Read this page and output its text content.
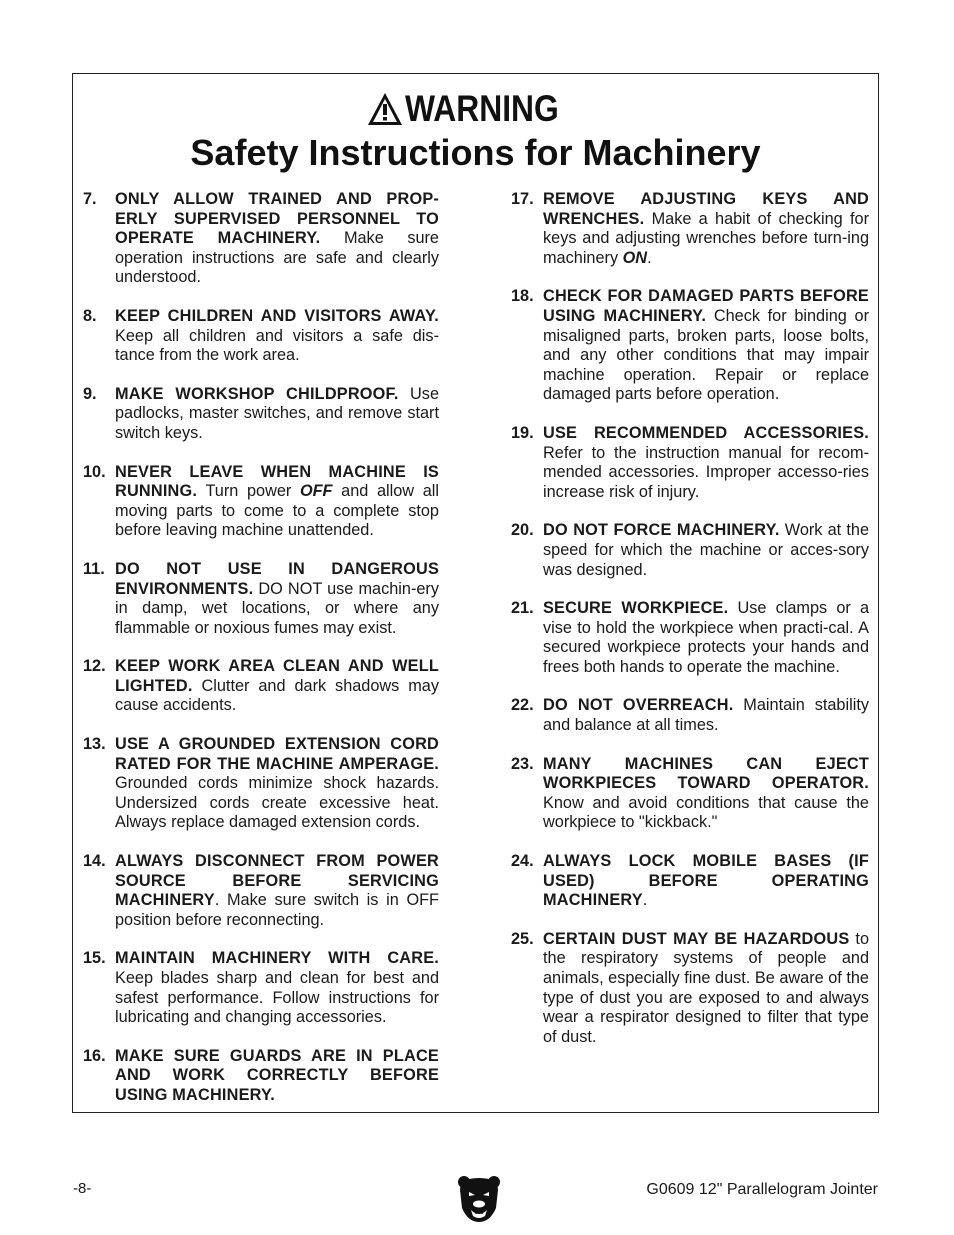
WARNING
Safety Instructions for Machinery
7.	ONLY ALLOW TRAINED AND PROP-ERLY SUPERVISED PERSONNEL TO OPERATE MACHINERY. Make sure operation instructions are safe and clearly understood.
8.	KEEP CHILDREN AND VISITORS AWAY. Keep all children and visitors a safe dis-tance from the work area.
9.	MAKE WORKSHOP CHILDPROOF. Use padlocks, master switches, and remove start switch keys.
10. NEVER LEAVE WHEN MACHINE IS RUNNING. Turn power OFF and allow all moving parts to come to a complete stop before leaving machine unattended.
11. DO NOT USE IN DANGEROUS ENVIRONMENTS. DO NOT use machin-ery in damp, wet locations, or where any flammable or noxious fumes may exist.
12. KEEP WORK AREA CLEAN AND WELL LIGHTED. Clutter and dark shadows may cause accidents.
13. USE A GROUNDED EXTENSION CORD RATED FOR THE MACHINE AMPERAGE. Grounded cords minimize shock hazards. Undersized cords create excessive heat. Always replace damaged extension cords.
14. ALWAYS DISCONNECT FROM POWER SOURCE BEFORE SERVICING MACHINERY. Make sure switch is in OFF position before reconnecting.
15. MAINTAIN MACHINERY WITH CARE. Keep blades sharp and clean for best and safest performance. Follow instructions for lubricating and changing accessories.
16. MAKE SURE GUARDS ARE IN PLACE AND WORK CORRECTLY BEFORE USING MACHINERY.
17. REMOVE ADJUSTING KEYS AND WRENCHES. Make a habit of checking for keys and adjusting wrenches before turn-ing machinery ON.
18. CHECK FOR DAMAGED PARTS BEFORE USING MACHINERY. Check for binding or misaligned parts, broken parts, loose bolts, and any other conditions that may impair machine operation. Repair or replace damaged parts before operation.
19. USE RECOMMENDED ACCESSORIES. Refer to the instruction manual for recom-mended accessories. Improper accesso-ries increase risk of injury.
20. DO NOT FORCE MACHINERY. Work at the speed for which the machine or acces-sory was designed.
21. SECURE WORKPIECE. Use clamps or a vise to hold the workpiece when practi-cal. A secured workpiece protects your hands and frees both hands to operate the machine.
22. DO NOT OVERREACH. Maintain stability and balance at all times.
23. MANY MACHINES CAN EJECT WORKPIECES TOWARD OPERATOR. Know and avoid conditions that cause the workpiece to "kickback."
24. ALWAYS LOCK MOBILE BASES (IF USED) BEFORE OPERATING MACHINERY.
25. CERTAIN DUST MAY BE HAZARDOUS to the respiratory systems of people and animals, especially fine dust. Be aware of the type of dust you are exposed to and always wear a respirator designed to filter that type of dust.
-8-	G0609 12" Parallelogram Jointer
